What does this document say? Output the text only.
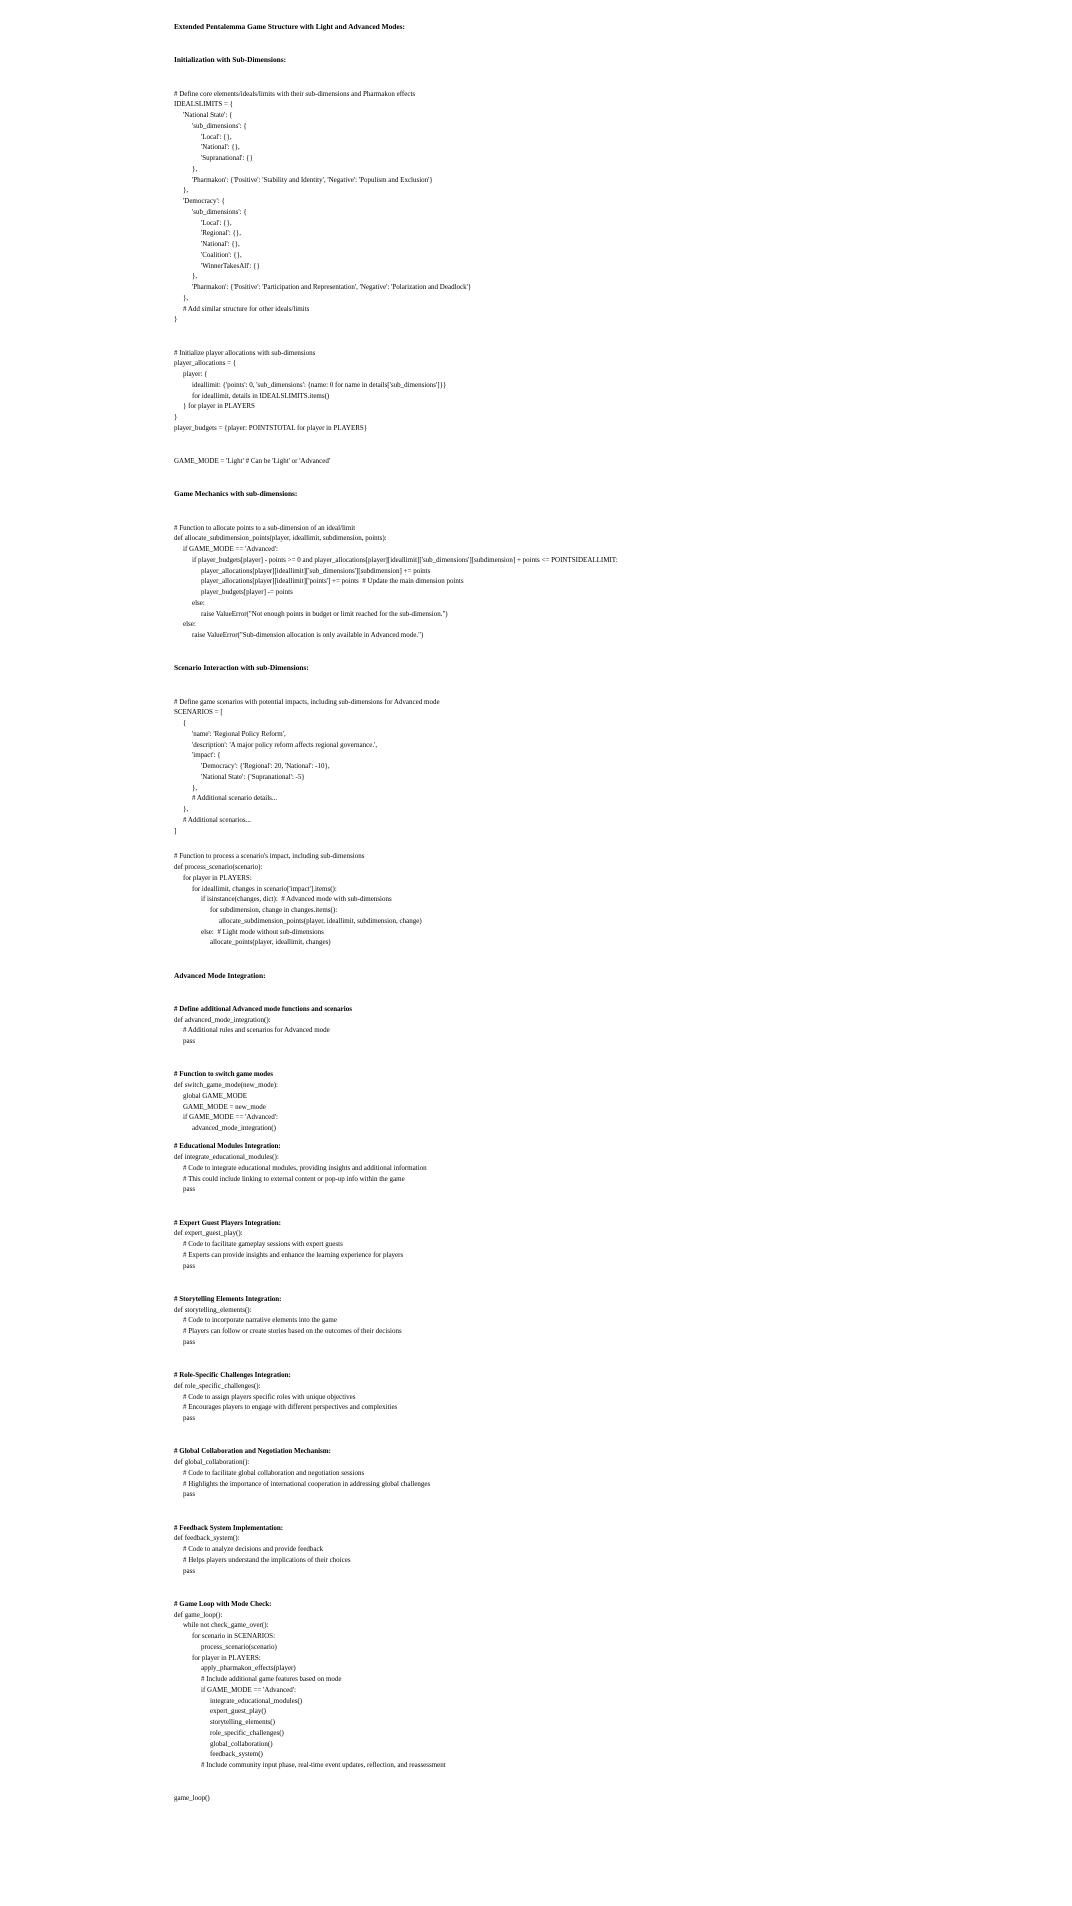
Extended Pentalemma Game Structure with Light and Advanced Modes:
Initialization with Sub-Dimensions:
# Define core elements/ideals/limits with their sub-dimensions and Pharmakon effects
IDEALSLIMITS = {
'National State': {
'sub_dimensions': {
'Local': {},
'National': {},
'Supranational': {}
},
'Pharmakon': {'Positive': 'Stability and Identity', 'Negative': 'Populism and Exclusion'}
},
'Democracy': {
'sub_dimensions': {
'Local': {},
'Regional': {},
'National': {},
'Coalition': {},
'WinnerTakesAll': {}
},
'Pharmakon': {'Positive': 'Participation and Representation', 'Negative': 'Polarization and Deadlock'}
},
# Add similar structure for other ideals/limits
}
# Initialize player allocations with sub-dimensions
player_allocations = {
player: {
ideallimit: {'points': 0, 'sub_dimensions': {name: 0 for name in details['sub_dimensions']}}
for ideallimit, details in IDEALSLIMITS.items()
} for player in PLAYERS
}
player_budgets = {player: POINTSTOTAL for player in PLAYERS}
GAME_MODE = 'Light' # Can be 'Light' or 'Advanced'
Game Mechanics with sub-dimensions:
# Function to allocate points to a sub-dimension of an ideal/limit
def allocate_subdimension_points(player, ideallimit, subdimension, points):
if GAME_MODE == 'Advanced':
if player_budgets[player] - points >= 0 and player_allocations[player][ideallimit]['sub_dimensions'][subdimension] + points <= POINTSIDEALLIMIT:
player_allocations[player][ideallimit]['sub_dimensions'][subdimension] += points
player_allocations[player][ideallimit]['points'] += points  # Update the main dimension points
player_budgets[player] -= points
else:
raise ValueError("Not enough points in budget or limit reached for the sub-dimension.")
else:
raise ValueError("Sub-dimension allocation is only available in Advanced mode.")
Scenario Interaction with sub-Dimensions:
# Define game scenarios with potential impacts, including sub-dimensions for Advanced mode
SCENARIOS = [
{
'name': 'Regional Policy Reform',
'description': 'A major policy reform affects regional governance.',
'impact': {
'Democracy': {'Regional': 20, 'National': -10},
'National State': {'Supranational': -5}
},
# Additional scenario details...
},
# Additional scenarios...
]
# Function to process a scenario's impact, including sub-dimensions
def process_scenario(scenario):
for player in PLAYERS:
for ideallimit, changes in scenario['impact'].items():
if isinstance(changes, dict):  # Advanced mode with sub-dimensions
for subdimension, change in changes.items():
allocate_subdimension_points(player, ideallimit, subdimension, change)
else:  # Light mode without sub-dimensions
allocate_points(player, ideallimit, changes)
Advanced Mode Integration:
# Define additional Advanced mode functions and scenarios
def advanced_mode_integration():
# Additional rules and scenarios for Advanced mode
pass
# Function to switch game modes
def switch_game_mode(new_mode):
global GAME_MODE
GAME_MODE = new_mode
if GAME_MODE == 'Advanced':
advanced_mode_integration()
# Educational Modules Integration:
def integrate_educational_modules():
# Code to integrate educational modules, providing insights and additional information
# This could include linking to external content or pop-up info within the game
pass
# Expert Guest Players Integration:
def expert_guest_play():
# Code to facilitate gameplay sessions with expert guests
# Experts can provide insights and enhance the learning experience for players
pass
# Storytelling Elements Integration:
def storytelling_elements():
# Code to incorporate narrative elements into the game
# Players can follow or create stories based on the outcomes of their decisions
pass
# Role-Specific Challenges Integration:
def role_specific_challenges():
# Code to assign players specific roles with unique objectives
# Encourages players to engage with different perspectives and complexities
pass
# Global Collaboration and Negotiation Mechanism:
def global_collaboration():
# Code to facilitate global collaboration and negotiation sessions
# Highlights the importance of international cooperation in addressing global challenges
pass
# Feedback System Implementation:
def feedback_system():
# Code to analyze decisions and provide feedback
# Helps players understand the implications of their choices
pass
# Game Loop with Mode Check:
def game_loop():
while not check_game_over():
for scenario in SCENARIOS:
process_scenario(scenario)
for player in PLAYERS:
apply_pharmakon_effects(player)
# Include additional game features based on mode
if GAME_MODE == 'Advanced':
integrate_educational_modules()
expert_guest_play()
storytelling_elements()
role_specific_challenges()
global_collaboration()
feedback_system()
# Include community input phase, real-time event updates, reflection, and reassessment
game_loop()
